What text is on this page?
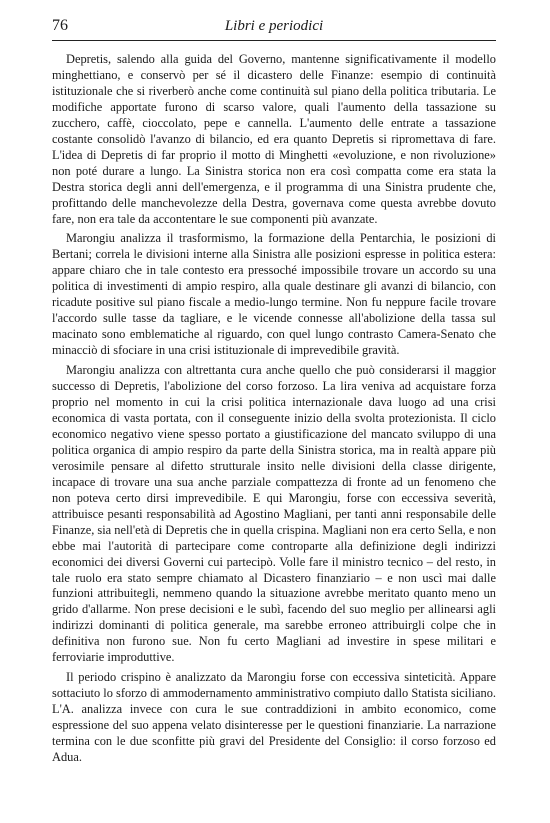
76	Libri e periodici

Depretis, salendo alla guida del Governo, mantenne significativamente il modello minghettiano, e conservò per sé il dicastero delle Finanze: esempio di continuità istituzionale che si riverberò anche come continuità sul piano della politica tributaria. Le modifiche apportate furono di scarso valore, quali l'aumento della tassazione su zucchero, caffè, cioccolato, pepe e cannella. L'aumento delle entrate a tassazione costante consolidò l'avanzo di bilancio, ed era quanto Depretis si ripromettava di fare. L'idea di Depretis di far proprio il motto di Minghetti «evoluzione, e non rivoluzione» non poté durare a lungo. La Sinistra storica non era così compatta come era stata la Destra storica degli anni dell'emergenza, e il programma di una Sinistra prudente che, profittando delle manchevolezze della Destra, governava come questa avrebbe dovuto fare, non era tale da accontentare le sue componenti più avanzate.

Marongiu analizza il trasformismo, la formazione della Pentarchia, le posizioni di Bertani; correla le divisioni interne alla Sinistra alle posizioni espresse in politica estera: appare chiaro che in tale contesto era pressoché impossibile trovare un accordo su una politica di investimenti di ampio respiro, alla quale destinare gli avanzi di bilancio, con ricadute positive sul piano fiscale a medio-lungo termine. Non fu neppure facile trovare l'accordo sulle tasse da tagliare, e le vicende connesse all'abolizione della tassa sul macinato sono emblematiche al riguardo, con quel lungo contrasto Camera-Senato che minacciò di sfociare in una crisi istituzionale di imprevedibile gravità.

Marongiu analizza con altrettanta cura anche quello che può considerarsi il maggior successo di Depretis, l'abolizione del corso forzoso. La lira veniva ad acquistare forza proprio nel momento in cui la crisi politica internazionale dava luogo ad una crisi economica di vasta portata, con il conseguente inizio della svolta protezionista. Il ciclo economico negativo viene spesso portato a giustificazione del mancato sviluppo di una politica organica di ampio respiro da parte della Sinistra storica, ma in realtà appare più verosimile pensare al difetto strutturale insito nelle divisioni della classe dirigente, incapace di trovare una sua anche parziale compattezza di fronte ad un fenomeno che non poteva certo dirsi imprevedibile. E qui Marongiu, forse con eccessiva severità, attribuisce pesanti responsabilità ad Agostino Magliani, per tanti anni responsabile delle Finanze, sia nell'età di Depretis che in quella crispina. Magliani non era certo Sella, e non ebbe mai l'autorità di partecipare come controparte alla definizione degli indirizzi economici dei diversi Governi cui partecipò. Volle fare il ministro tecnico – del resto, in tale ruolo era stato sempre chiamato al Dicastero finanziario – e non uscì mai dalle funzioni attribuitegli, nemmeno quando la situazione avrebbe meritato quanto meno un grido d'allarme. Non prese decisioni e le subì, facendo del suo meglio per allinearsi agli indirizzi dominanti di politica generale, ma sarebbe erroneo attribuirgli colpe che in definitiva non furono sue. Non fu certo Magliani ad investire in spese militari e ferroviarie improduttive.

Il periodo crispino è analizzato da Marongiu forse con eccessiva sinteticità. Appare sottaciuto lo sforzo di ammodernamento amministrativo compiuto dallo Statista siciliano. L'A. analizza invece con cura le sue contraddizioni in ambito economico, come espressione del suo appena velato disinteresse per le questioni finanziarie. La narrazione termina con le due sconfitte più gravi del Presidente del Consiglio: il corso forzoso ed Adua.
